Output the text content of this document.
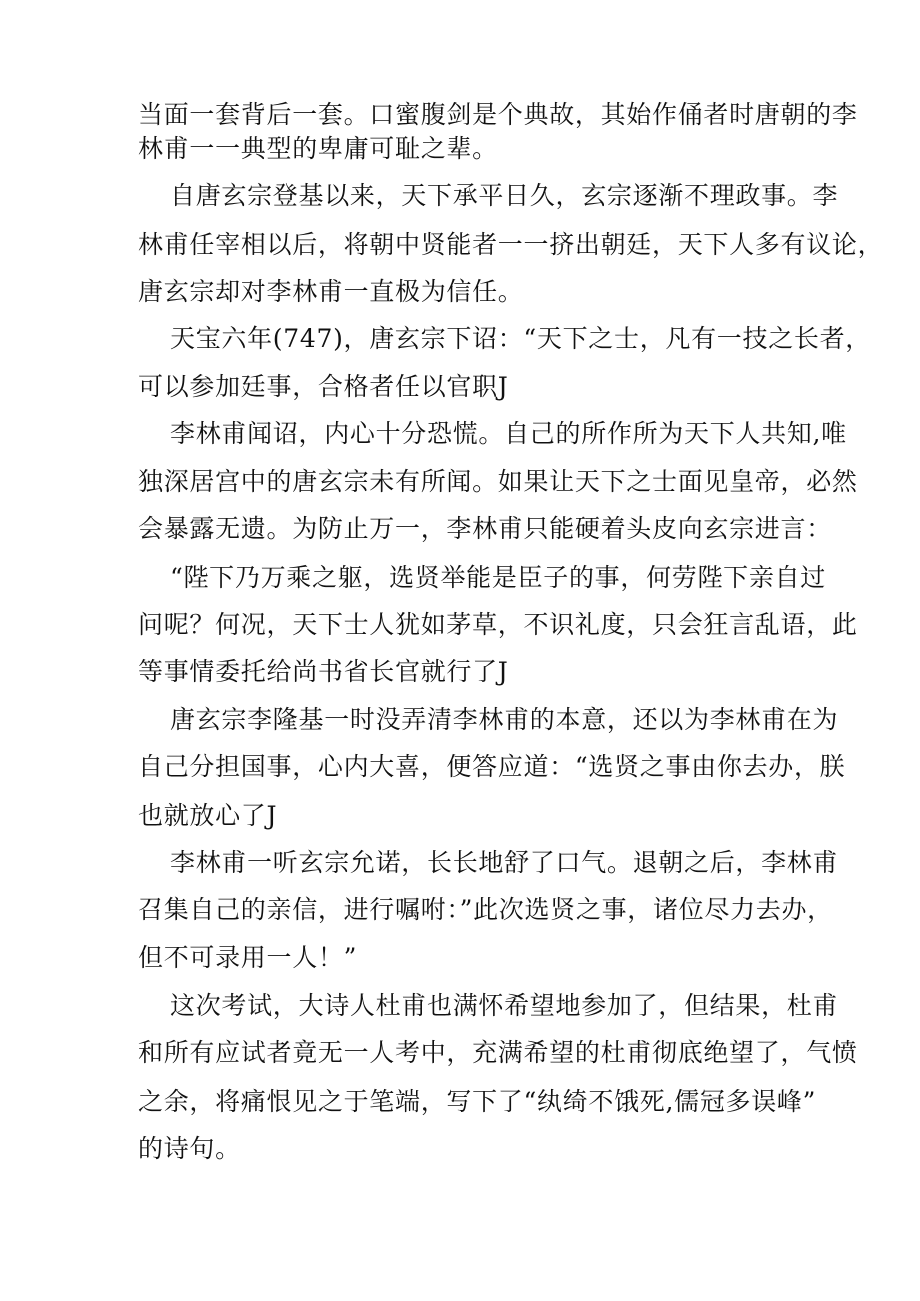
当面一套背后一套。口蜜腹剑是个典故，其始作俑者时唐朝的李
林甫一一典型的卑庸可耻之辈。
自唐玄宗登基以来，天下承平日久，玄宗逐渐不理政事。李
林甫任宰相以后，将朝中贤能者一一挤出朝廷，天下人多有议论，
唐玄宗却对李林甫一直极为信任。
天宝六年(747)，唐玄宗下诏：“天下之士，凡有一技之长者，
可以参加廷事，合格者任以官职J
李林甫闻诏，内心十分恐慌。自己的所作所为天下人共知,唯
独深居宫中的唐玄宗未有所闻。如果让天下之士面见皇帝，必然
会暴露无遗。为防止万一，李林甫只能硬着头皮向玄宗进言：
“陛下乃万乘之躯，选贤举能是臣子的事，何劳陛下亲自过
问呢？何况，天下士人犹如茅草，不识礼度，只会狂言乱语，此
等事情委托给尚书省长官就行了J
唐玄宗李隆基一时没弄清李林甫的本意，还以为李林甫在为
自己分担国事，心内大喜，便答应道：“选贤之事由你去办，朕
也就放心了J
李林甫一听玄宗允诺，长长地舒了口气。退朝之后，李林甫
召集自己的亲信，进行嘱咐：”此次选贤之事，诸位尽力去办，
但不可录用一人！”
这次考试，大诗人杜甫也满怀希望地参加了，但结果，杜甫
和所有应试者竟无一人考中，充满希望的杜甫彻底绝望了，气愤
之余，将痛恨见之于笔端，写下了“纨绮不饿死,儒冠多误峰”
的诗句。
